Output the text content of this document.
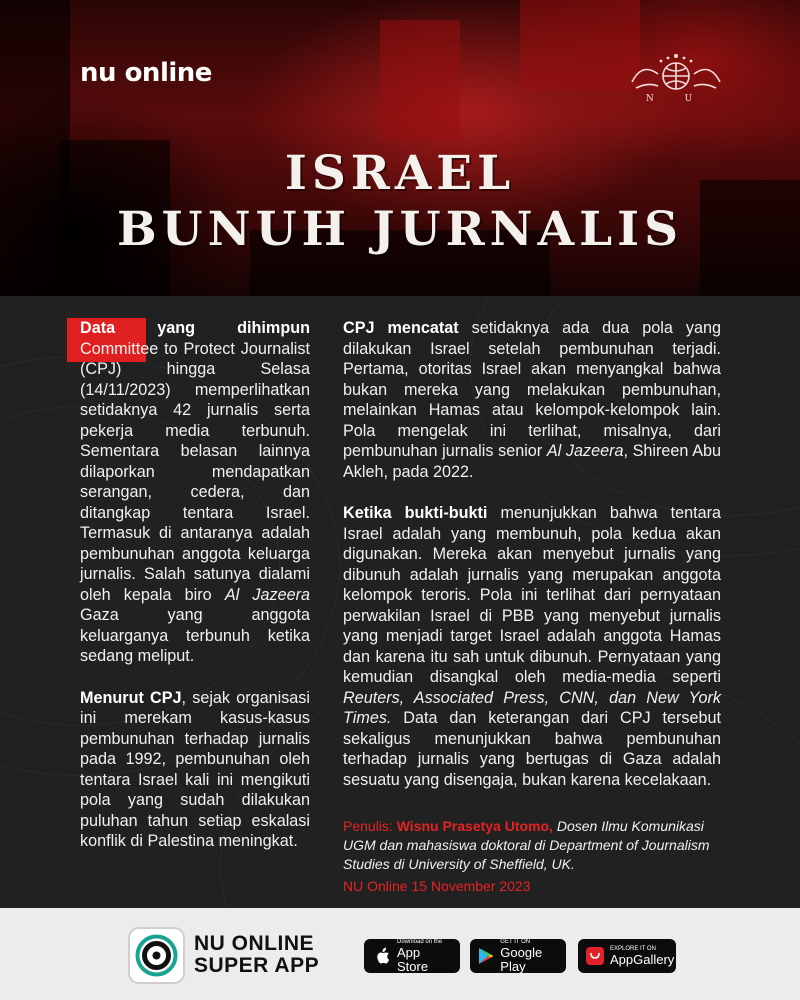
nu online
N U
ISRAEL
BUNUH JURNALIS

Data yang dihimpun Committee to Protect Journalist (CPJ) hingga Selasa (14/11/2023) memperlihatkan setidaknya 42 jurnalis serta pekerja media terbunuh. Sementara belasan lainnya dilaporkan mendapatkan serangan, cedera, dan ditangkap tentara Israel. Termasuk di antaranya adalah pembunuhan anggota keluarga jurnalis. Salah satunya dialami oleh kepala biro Al Jazeera Gaza yang anggota keluarganya terbunuh ketika sedang meliput.

Menurut CPJ, sejak organisasi ini merekam kasus-kasus pembunuhan terhadap jurnalis pada 1992, pembunuhan oleh tentara Israel kali ini mengikuti pola yang sudah dilakukan puluhan tahun setiap eskalasi konflik di Palestina meningkat.

CPJ mencatat setidaknya ada dua pola yang dilakukan Israel setelah pembunuhan terjadi. Pertama, otoritas Israel akan menyangkal bahwa bukan mereka yang melakukan pembunuhan, melainkan Hamas atau kelompok-kelompok lain. Pola mengelak ini terlihat, misalnya, dari pembunuhan jurnalis senior Al Jazeera, Shireen Abu Akleh, pada 2022.

Ketika bukti-bukti menunjukkan bahwa tentara Israel adalah yang membunuh, pola kedua akan digunakan. Mereka akan menyebut jurnalis yang dibunuh adalah jurnalis yang merupakan anggota kelompok teroris. Pola ini terlihat dari pernyataan perwakilan Israel di PBB yang menyebut jurnalis yang menjadi target Israel adalah anggota Hamas dan karena itu sah untuk dibunuh. Pernyataan yang kemudian disangkal oleh media-media seperti Reuters, Associated Press, CNN, dan New York Times. Data dan keterangan dari CPJ tersebut sekaligus menunjukkan bahwa pembunuhan terhadap jurnalis yang bertugas di Gaza adalah sesuatu yang disengaja, bukan karena kecelakaan.

Penulis: Wisnu Prasetya Utomo, Dosen Ilmu Komunikasi UGM dan mahasiswa doktoral di Department of Journalism Studies di University of Sheffield, UK.
NU Online 15 November 2023
NU ONLINE
SUPER APP
Download on the
App Store
GET IT ON
Google Play
EXPLORE IT ON
AppGallery
